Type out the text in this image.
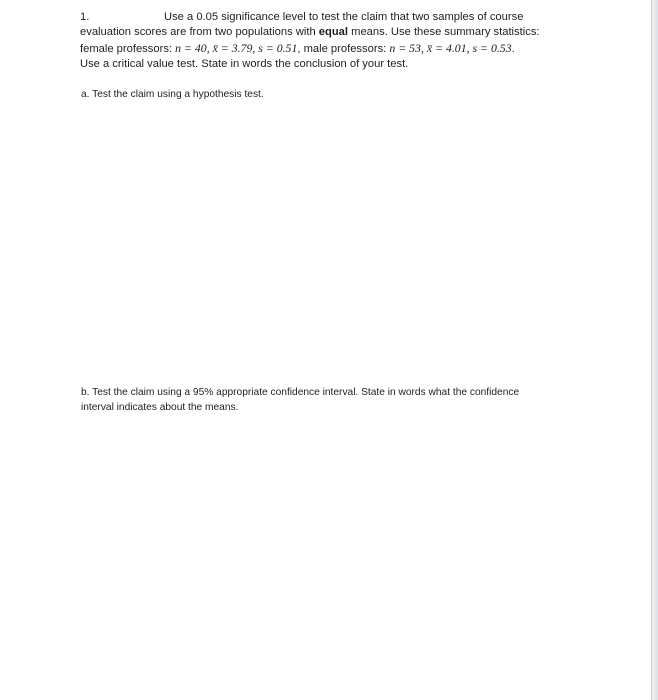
1.	Use a 0.05 significance level to test the claim that two samples of course
evaluation scores are from two populations with equal means. Use these summary statistics:
female professors: n = 40, x̄ = 3.79, s = 0.51, male professors: n = 53, x̄ = 4.01, s = 0.53.
Use a critical value test. State in words the conclusion of your test.
a. Test the claim using a hypothesis test.
b. Test the claim using a 95% appropriate confidence interval. State in words what the confidence
interval indicates about the means.
